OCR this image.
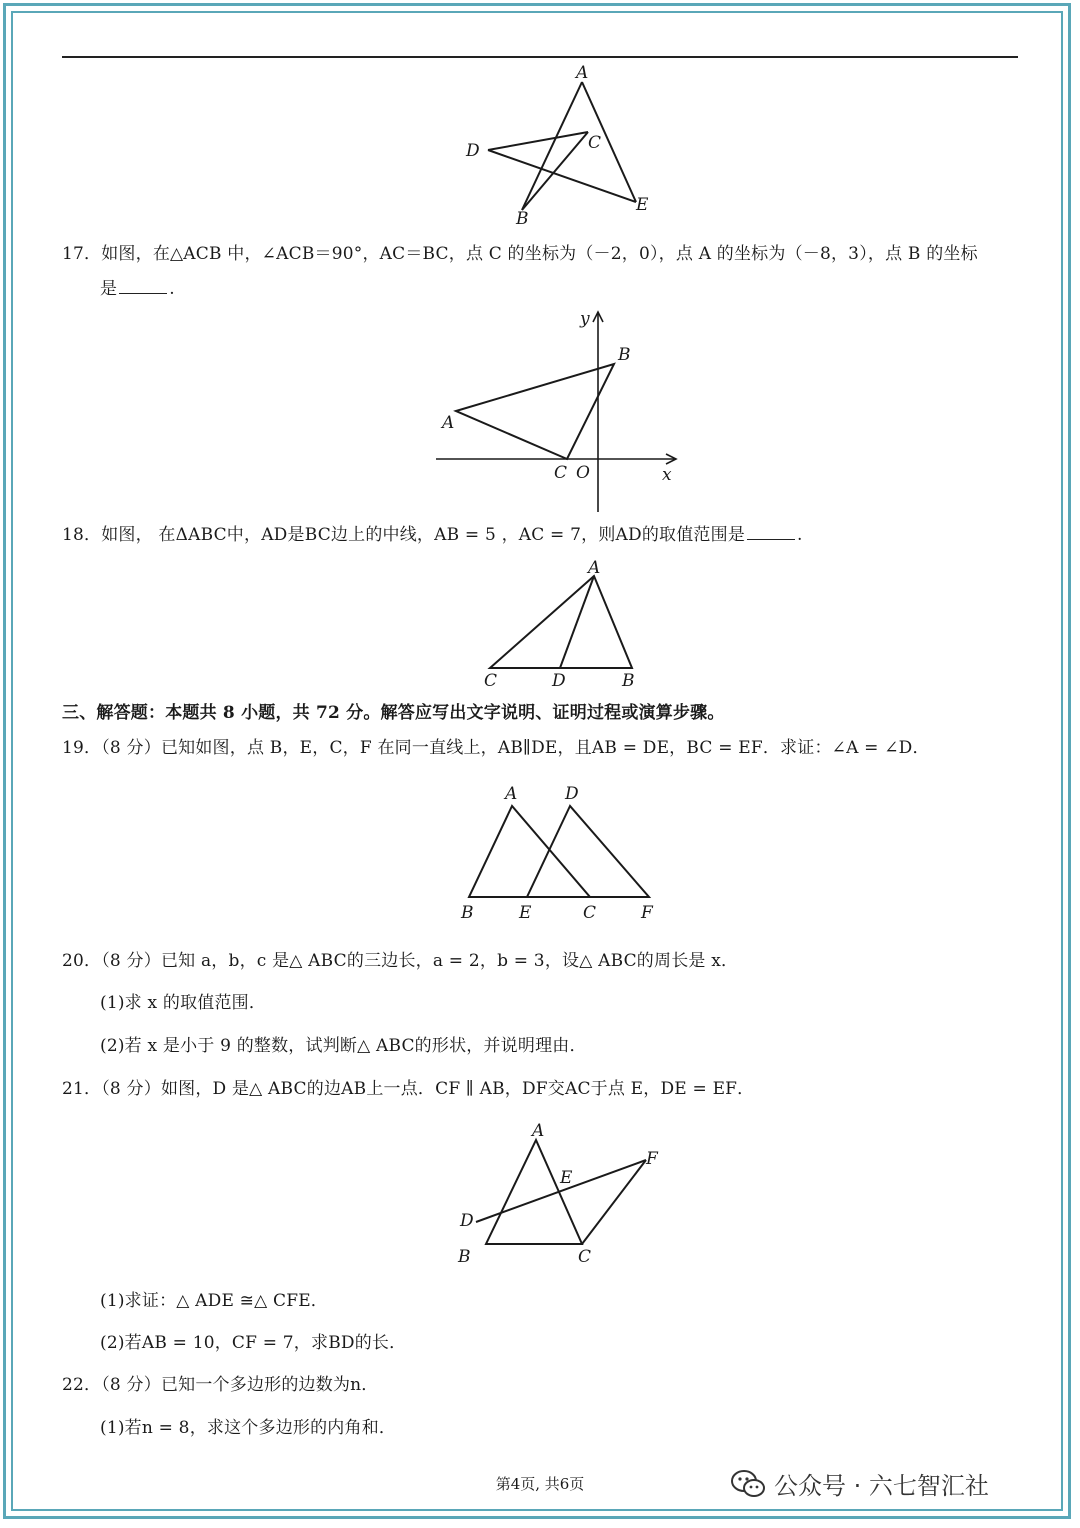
A
C
D
E
B
17．如图，在△ACB 中，∠ACB＝90°，AC＝BC，点 C 的坐标为（－2，0），点 A 的坐标为（－8，3），点 B 的坐标
是	.
y
B
A
C O	x
18．如图， 在ΔABC中，AD是BC边上的中线，AB = 5 ，AC = 7，则AD的取值范围是	.
A
C	D	B
三、解答题：本题共 8 小题，共 72 分。解答应写出文字说明、证明过程或演算步骤。
19．（8 分）已知如图，点 B，E，C，F 在同一直线上，AB∥DE，且AB = DE，BC = EF．求证：∠A = ∠D．
A	D
B	E	C	F
20．（8 分）已知 a，b，c 是△ ABC的三边长，a = 2，b = 3，设△ ABC的周长是 x．
(1)求 x 的取值范围．
(2)若 x 是小于 9 的整数，试判断△ ABC的形状，并说明理由．
21．（8 分）如图，D 是△ ABC的边AB上一点．CF ∥ AB，DF交AC于点 E，DE = EF．
A
E
F
D
B	C
(1)求证：△ ADE ≅△ CFE．
(2)若AB = 10，CF = 7，求BD的长．
22．（8 分）已知一个多边形的边数为n．
(1)若n = 8，求这个多边形的内角和．
第4页, 共6页	公众号 · 六七智汇社
